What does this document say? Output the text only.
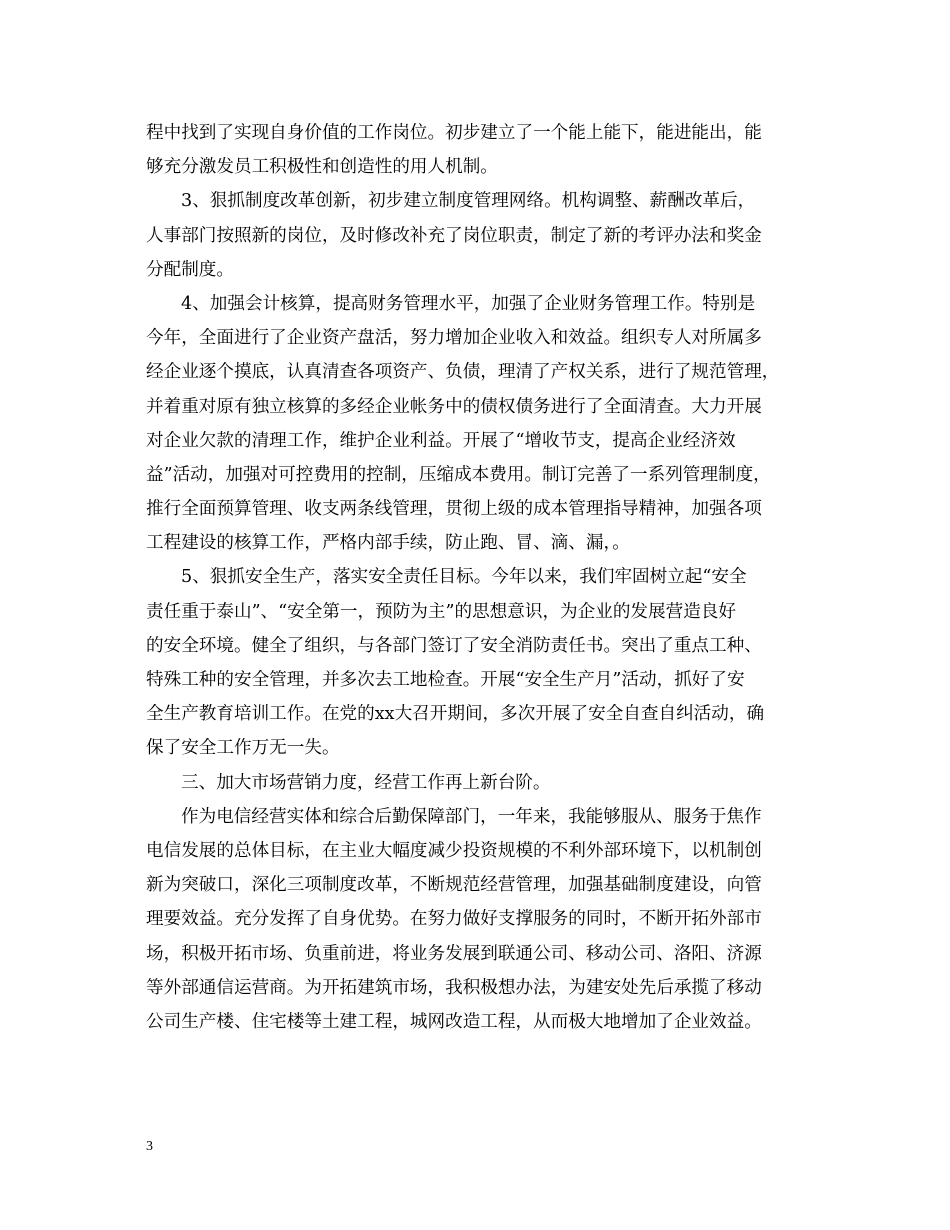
程中找到了实现自身价值的工作岗位。初步建立了一个能上能下，能进能出，能
够充分激发员工积极性和创造性的用人机制。
3、狠抓制度改革创新，初步建立制度管理网络。机构调整、薪酬改革后，
人事部门按照新的岗位，及时修改补充了岗位职责，制定了新的考评办法和奖金
分配制度。
4、加强会计核算，提高财务管理水平，加强了企业财务管理工作。特别是
今年，全面进行了企业资产盘活，努力增加企业收入和效益。组织专人对所属多
经企业逐个摸底，认真清查各项资产、负债，理清了产权关系，进行了规范管理，
并着重对原有独立核算的多经企业帐务中的债权债务进行了全面清查。大力开展
对企业欠款的清理工作，维护企业利益。开展了“增收节支，提高企业经济效
益”活动，加强对可控费用的控制，压缩成本费用。制订完善了一系列管理制度，
推行全面预算管理、收支两条线管理，贯彻上级的成本管理指导精神，加强各项
工程建设的核算工作，严格内部手续，防止跑、冒、滴、漏，。
5、狠抓安全生产，落实安全责任目标。今年以来，我们牢固树立起“安全
责任重于泰山”、“安全第一，预防为主”的思想意识，为企业的发展营造良好
的安全环境。健全了组织，与各部门签订了安全消防责任书。突出了重点工种、
特殊工种的安全管理，并多次去工地检查。开展“安全生产月”活动，抓好了安
全生产教育培训工作。在党的xx大召开期间，多次开展了安全自查自纠活动，确
保了安全工作万无一失。
三、加大市场营销力度，经营工作再上新台阶。
作为电信经营实体和综合后勤保障部门，一年来，我能够服从、服务于焦作
电信发展的总体目标，在主业大幅度减少投资规模的不利外部环境下，以机制创
新为突破口，深化三项制度改革，不断规范经营管理，加强基础制度建设，向管
理要效益。充分发挥了自身优势。在努力做好支撑服务的同时，不断开拓外部市
场，积极开拓市场、负重前进，将业务发展到联通公司、移动公司、洛阳、济源
等外部通信运营商。为开拓建筑市场，我积极想办法，为建安处先后承揽了移动
公司生产楼、住宅楼等土建工程，城网改造工程，从而极大地增加了企业效益。
3
